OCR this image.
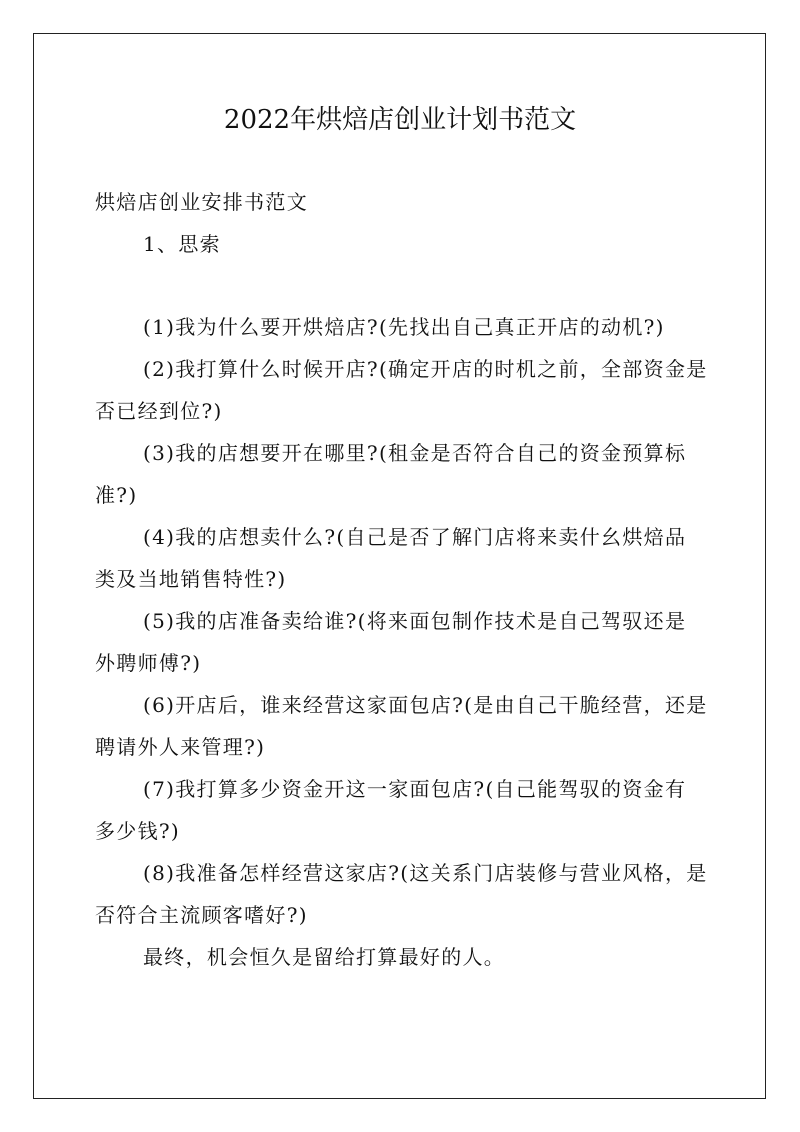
2022年烘焙店创业计划书范文
烘焙店创业安排书范文
1、思索
(1)我为什么要开烘焙店?(先找出自己真正开店的动机?)
(2)我打算什么时候开店?(确定开店的时机之前，全部资金是
否已经到位?)
(3)我的店想要开在哪里?(租金是否符合自己的资金预算标
准?)
(4)我的店想卖什么?(自己是否了解门店将来卖什幺烘焙品
类及当地销售特性?)
(5)我的店准备卖给谁?(将来面包制作技术是自己驾驭还是
外聘师傅?)
(6)开店后，谁来经营这家面包店?(是由自己干脆经营，还是
聘请外人来管理?)
(7)我打算多少资金开这一家面包店?(自己能驾驭的资金有
多少钱?)
(8)我准备怎样经营这家店?(这关系门店装修与营业风格，是
否符合主流顾客嗜好?)
最终，机会恒久是留给打算最好的人。
